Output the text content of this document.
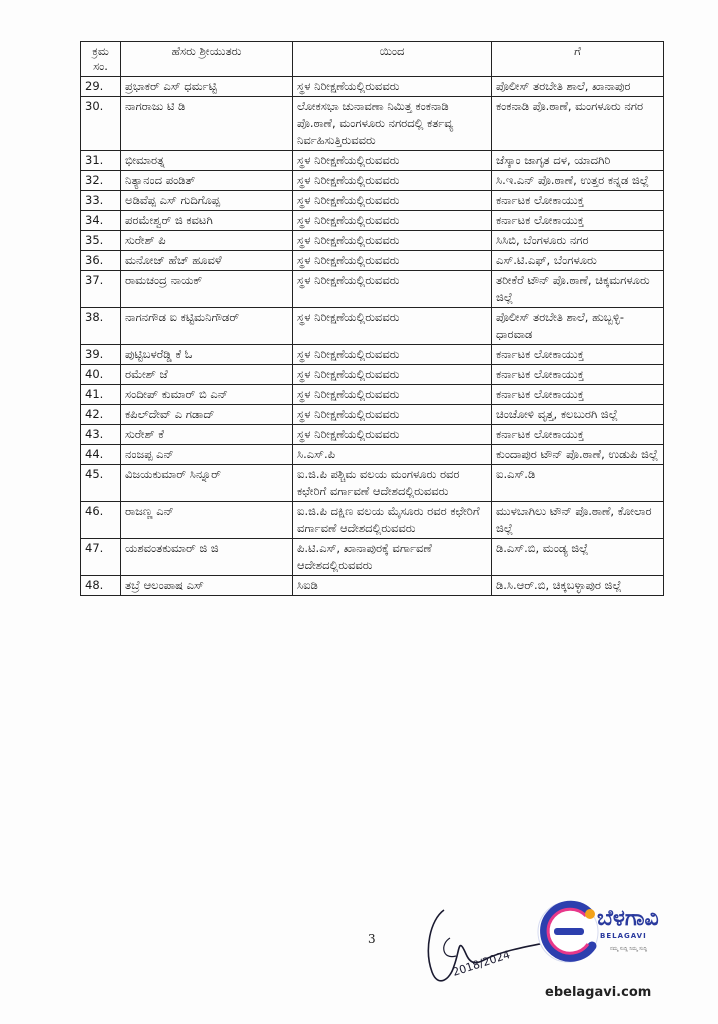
ಕ್ರಮ ಸಂ.	ಹೆಸರು ಶ್ರೀಯುತರು	ಯಿಂದ	ಗೆ
29.	ಪ್ರಭಾಕರ್ ಎಸ್ ಧರ್ಮಟ್ಟಿ	ಸ್ಥಳ ನಿರೀಕ್ಷಣೆಯಲ್ಲಿರುವವರು	ಪೊಲೀಸ್ ತರಬೇತಿ ಶಾಲೆ, ಖಾನಾಪುರ
30.	ನಾಗರಾಜು ಟಿ ಡಿ	ಲೋಕಸಭಾ ಚುನಾವಣಾ ನಿಮಿತ್ತ ಕಂಕನಾಡಿ ಪೊ.ಠಾಣೆ, ಮಂಗಳೂರು ನಗರದಲ್ಲಿ ಕರ್ತವ್ಯ ನಿರ್ವಹಿಸುತ್ತಿರುವವರು	ಕಂಕನಾಡಿ ಪೊ.ಠಾಣೆ, ಮಂಗಳೂರು ನಗರ
31.	ಭೀಮಾರತ್ನ	ಸ್ಥಳ ನಿರೀಕ್ಷಣೆಯಲ್ಲಿರುವವರು	ಜೆಸ್ಕಾಂ ಜಾಗೃತ ದಳ, ಯಾದಗಿರಿ
32.	ನಿತ್ಯಾನಂದ ಪಂಡಿತ್	ಸ್ಥಳ ನಿರೀಕ್ಷಣೆಯಲ್ಲಿರುವವರು	ಸಿ.ಇ.ಎನ್ ಪೊ.ಠಾಣೆ, ಉತ್ತರ ಕನ್ನಡ ಜಿಲ್ಲೆ
33.	ಅಡಿವೆಪ್ಪ ಎಸ್ ಗುದಿಗೊಪ್ಪ	ಸ್ಥಳ ನಿರೀಕ್ಷಣೆಯಲ್ಲಿರುವವರು	ಕರ್ನಾಟಕ ಲೋಕಾಯುಕ್ತ
34.	ಪರಮೇಶ್ವರ್ ಜಿ ಕವಟಗಿ	ಸ್ಥಳ ನಿರೀಕ್ಷಣೆಯಲ್ಲಿರುವವರು	ಕರ್ನಾಟಕ ಲೋಕಾಯುಕ್ತ
35.	ಸುರೇಶ್ ಪಿ	ಸ್ಥಳ ನಿರೀಕ್ಷಣೆಯಲ್ಲಿರುವವರು	ಸಿಸಿಬಿ, ಬೆಂಗಳೂರು ನಗರ
36.	ಮನೋಜ್ ಹೆಚ್ ಹೂವಳೆ	ಸ್ಥಳ ನಿರೀಕ್ಷಣೆಯಲ್ಲಿರುವವರು	ಎಸ್.ಟಿ.ಎಫ್, ಬೆಂಗಳೂರು
37.	ರಾಮಚಂದ್ರ ನಾಯಕ್	ಸ್ಥಳ ನಿರೀಕ್ಷಣೆಯಲ್ಲಿರುವವರು	ತರೀಕೆರೆ ಟೌನ್ ಪೊ.ಠಾಣೆ, ಚಿಕ್ಕಮಗಳೂರು ಜಿಲ್ಲೆ
38.	ನಾಗನಗೌಡ ಐ ಕಟ್ಟಿಮನಿಗೌಡರ್	ಸ್ಥಳ ನಿರೀಕ್ಷಣೆಯಲ್ಲಿರುವವರು	ಪೊಲೀಸ್ ತರಬೇತಿ ಶಾಲೆ, ಹುಬ್ಬಳ್ಳಿ-ಧಾರವಾಡ
39.	ಪುಟ್ಟಿಬಳರೆಡ್ಡಿ ಕೆ ಓ	ಸ್ಥಳ ನಿರೀಕ್ಷಣೆಯಲ್ಲಿರುವವರು	ಕರ್ನಾಟಕ ಲೋಕಾಯುಕ್ತ
40.	ರಮೇಶ್ ಜೆ	ಸ್ಥಳ ನಿರೀಕ್ಷಣೆಯಲ್ಲಿರುವವರು	ಕರ್ನಾಟಕ ಲೋಕಾಯುಕ್ತ
41.	ಸಂದೀಪ್ ಕುಮಾರ್ ಬಿ ಎನ್	ಸ್ಥಳ ನಿರೀಕ್ಷಣೆಯಲ್ಲಿರುವವರು	ಕರ್ನಾಟಕ ಲೋಕಾಯುಕ್ತ
42.	ಕಪಿಲ್‌ದೇವ್ ಎ ಗಡಾದ್	ಸ್ಥಳ ನಿರೀಕ್ಷಣೆಯಲ್ಲಿರುವವರು	ಚಿಂಚೋಳಿ ವೃತ್ತ, ಕಲಬುರಗಿ ಜಿಲ್ಲೆ
43.	ಸುರೇಶ್ ಕೆ	ಸ್ಥಳ ನಿರೀಕ್ಷಣೆಯಲ್ಲಿರುವವರು	ಕರ್ನಾಟಕ ಲೋಕಾಯುಕ್ತ
44.	ನಂಜಪ್ಪ ಎನ್	ಸಿ.ಎಸ್.ಪಿ	ಕುಂದಾಪುರ ಟೌನ್ ಪೊ.ಠಾಣೆ, ಉಡುಪಿ ಜಿಲ್ಲೆ
45.	ವಿಜಯಕುಮಾರ್ ಸಿನ್ನೂರ್	ಐ.ಜಿ.ಪಿ ಪಶ್ಚಿಮ ವಲಯ ಮಂಗಳೂರು ರವರ ಕಛೇರಿಗೆ ವರ್ಗಾವಣೆ ಆದೇಶದಲ್ಲಿರುವವರು	ಐ.ಎಸ್.ಡಿ
46.	ರಾಜಣ್ಣ ಎನ್	ಐ.ಜಿ.ಪಿ ದಕ್ಷಿಣ ವಲಯ ಮೈಸೂರು ರವರ ಕಛೇರಿಗೆ ವರ್ಗಾವಣೆ ಆದೇಶದಲ್ಲಿರುವವರು	ಮುಳಬಾಗಿಲು ಟೌನ್ ಪೊ.ಠಾಣೆ, ಕೋಲಾರ ಜಿಲ್ಲೆ
47.	ಯಶವಂತಕುಮಾರ್ ಜಿ ಜಿ	ಪಿ.ಟಿ.ಎಸ್, ಖಾನಾಪುರಕ್ಕೆ ವರ್ಗಾವಣೆ ಆದೇಶದಲ್ಲಿರುವವರು	ಡಿ.ಎಸ್.ಬಿ, ಮಂಡ್ಯ ಜಿಲ್ಲೆ
48.	ತಬ್ರೆ ಆಲಂಪಾಷ ಎಸ್	ಸಿಐಡಿ	ಡಿ.ಸಿ.ಆರ್.ಬಿ, ಚಿಕ್ಕಬಳ್ಳಾಪುರ ಜಿಲ್ಲೆ
2018/2024
3
ಬೆಳಗಾವಿ
BELAGAVI
ನಮ್ಮ ಸುದ್ದಿ ನಿಮ್ಮ ಸುದ್ದಿ
ebelagavi.com
